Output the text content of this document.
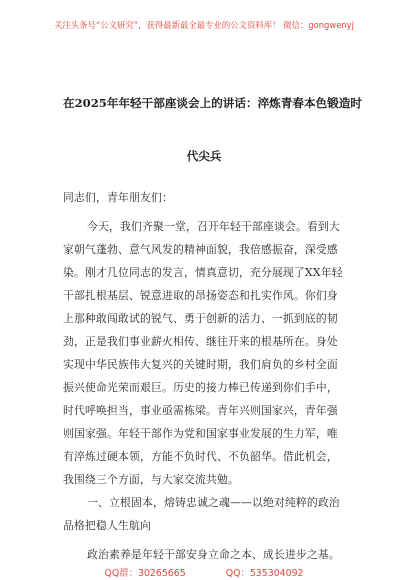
关注头条号“公文研究”，获得最新最全最专业的公文资料库！ 微信：gongwenyj
在2025年年轻干部座谈会上的讲话：淬炼青春本色锻造时
代尖兵
同志们，青年朋友们：
今天，我们齐聚一堂，召开年轻干部座谈会。看到大
家朝气蓬勃、意气风发的精神面貌，我倍感振奋，深受感
染。刚才几位同志的发言，情真意切，充分展现了XX年轻
干部扎根基层、锐意进取的昂扬姿态和扎实作风。你们身
上那种敢闯敢试的锐气、勇于创新的活力、一抓到底的韧
劲，正是我们事业薪火相传、继往开来的根基所在。身处
实现中华民族伟大复兴的关键时期，我们肩负的乡村全面
振兴使命光荣而艰巨。历史的接力棒已传递到你们手中，
时代呼唤担当，事业亟需栋梁。青年兴则国家兴，青年强
则国家强。年轻干部作为党和国家事业发展的生力军，唯
有淬炼过硬本领，方能不负时代、不负韶华。借此机会，
我围绕三个方面，与大家交流共勉。
一、立根固本，熔铸忠诚之魂——以绝对纯粹的政治
品格把稳人生航向
政治素养是年轻干部安身立命之本、成长进步之基。
QQ群：30265665	QQ：535304092
